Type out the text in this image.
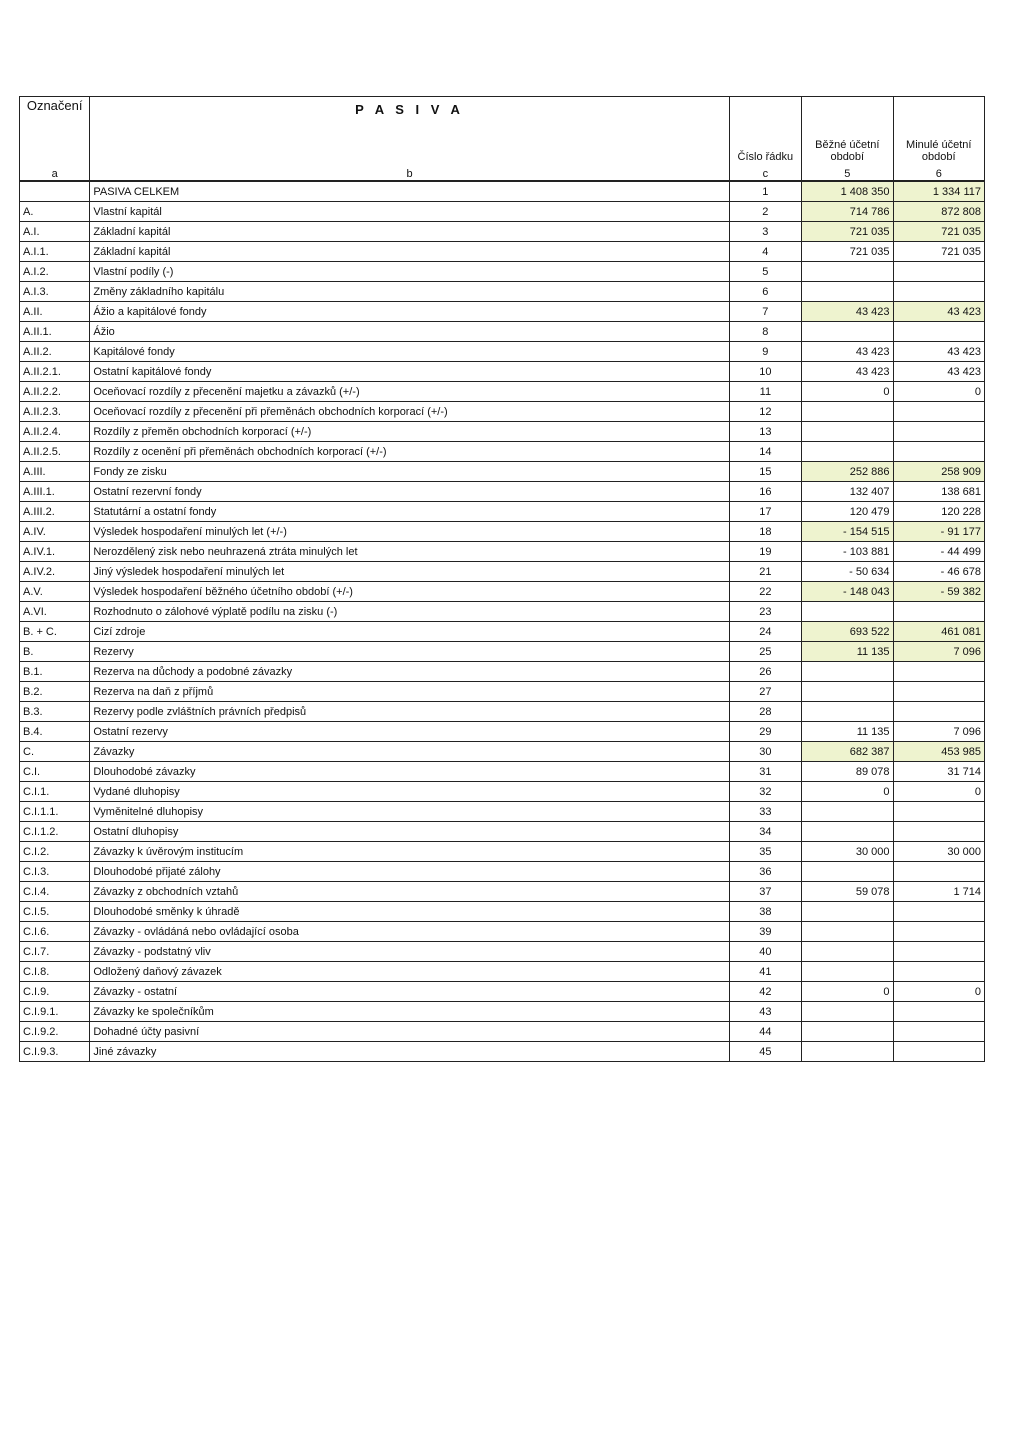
Označení	P A S I V A	Číslo řádku	Běžné účetní období	Minulé účetní období
a	b	c	5	6
	PASIVA CELKEM	1	1 408 350	1 334 117
A.	Vlastní kapitál	2	714 786	872 808
A.I.	Základní kapitál	3	721 035	721 035
A.I.1.	Základní kapitál	4	721 035	721 035
A.I.2.	Vlastní podíly (-)	5		
A.I.3.	Změny základního kapitálu	6		
A.II.	Ážio a kapitálové fondy	7	43 423	43 423
A.II.1.	Ážio	8		
A.II.2.	Kapitálové fondy	9	43 423	43 423
A.II.2.1.	Ostatní kapitálové fondy	10	43 423	43 423
A.II.2.2.	Oceňovací rozdíly z přecenění majetku a závazků (+/-)	11	0	0
A.II.2.3.	Oceňovací rozdíly z přecenění při přeměnách obchodních korporací (+/-)	12		
A.II.2.4.	Rozdíly z přeměn obchodních korporací (+/-)	13		
A.II.2.5.	Rozdíly z ocenění při přeměnách obchodních korporací (+/-)	14		
A.III.	Fondy ze zisku	15	252 886	258 909
A.III.1.	Ostatní rezervní fondy	16	132 407	138 681
A.III.2.	Statutární a ostatní fondy	17	120 479	120 228
A.IV.	Výsledek hospodaření minulých let (+/-)	18	- 154 515	- 91 177
A.IV.1.	Nerozdělený zisk nebo neuhrazená ztráta minulých let	19	- 103 881	- 44 499
A.IV.2.	Jiný výsledek hospodaření minulých let	21	- 50 634	- 46 678
A.V.	Výsledek hospodaření běžného účetního období (+/-)	22	- 148 043	- 59 382
A.VI.	Rozhodnuto o zálohové výplatě podílu na zisku (-)	23		
B. + C.	Cizí zdroje	24	693 522	461 081
B.	Rezervy	25	11 135	7 096
B.1.	Rezerva na důchody a podobné závazky	26		
B.2.	Rezerva na daň z příjmů	27		
B.3.	Rezervy podle zvláštních právních předpisů	28		
B.4.	Ostatní rezervy	29	11 135	7 096
C.	Závazky	30	682 387	453 985
C.I.	Dlouhodobé závazky	31	89 078	31 714
C.I.1.	Vydané dluhopisy	32	0	0
C.I.1.1.	Vyměnitelné dluhopisy	33		
C.I.1.2.	Ostatní dluhopisy	34		
C.I.2.	Závazky k úvěrovým institucím	35	30 000	30 000
C.I.3.	Dlouhodobé přijaté zálohy	36		
C.I.4.	Závazky z obchodních vztahů	37	59 078	1 714
C.I.5.	Dlouhodobé směnky k úhradě	38		
C.I.6.	Závazky - ovládáná nebo ovládající osoba	39		
C.I.7.	Závazky - podstatný vliv	40		
C.I.8.	Odložený daňový závazek	41		
C.I.9.	Závazky - ostatní	42	0	0
C.I.9.1.	Závazky ke společníkům	43		
C.I.9.2.	Dohadné účty pasivní	44		
C.I.9.3.	Jiné závazky	45		
